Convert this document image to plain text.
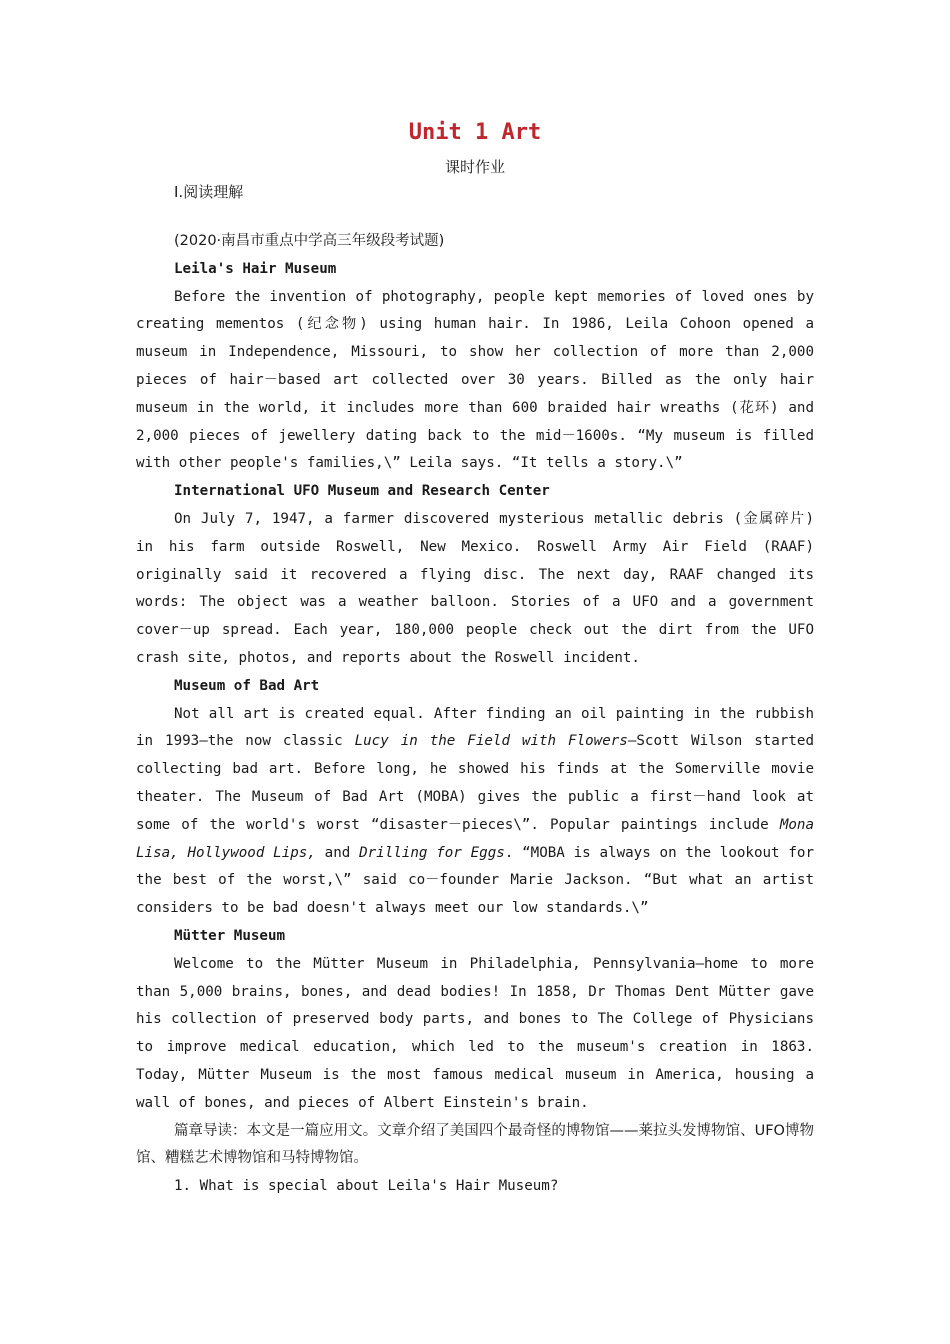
Unit 1 Art
课时作业
Ⅰ.阅读理解

(2020·南昌市重点中学高三年级段考试题)

Leila's Hair Museum

Before the invention of photography, people kept memories of loved ones by creating mementos (纪念物) using human hair. In 1986, Leila Cohoon opened a museum in Independence, Missouri, to show her collection of more than 2,000 pieces of hair－based art collected over 30 years. Billed as the only hair museum in the world, it includes more than 600 braided hair wreaths (花环) and 2,000 pieces of jewellery dating back to the mid－1600s. “My museum is filled with other people's families,\” Leila says. “It tells a story.\”

International UFO Museum and Research Center

On July 7, 1947, a farmer discovered mysterious metallic debris (金属碎片) in his farm outside Roswell, New Mexico. Roswell Army Air Field (RAAF) originally said it recovered a flying disc. The next day, RAAF changed its words: The object was a weather balloon. Stories of a UFO and a government cover－up spread. Each year, 180,000 people check out the dirt from the UFO crash site, photos, and reports about the Roswell incident.

Museum of Bad Art

Not all art is created equal. After finding an oil painting in the rubbish in 1993—the now classic Lucy in the Field with Flowers—Scott Wilson started collecting bad art. Before long, he showed his finds at the Somerville movie theater. The Museum of Bad Art (MOBA) gives the public a first－hand look at some of the world's worst “disaster－pieces\”. Popular paintings include Mona Lisa, Hollywood Lips, and Drilling for Eggs. “MOBA is always on the lookout for the best of the worst,\” said co－founder Marie Jackson. “But what an artist considers to be bad doesn't always meet our low standards.\”

Mütter Museum

Welcome to the Mütter Museum in Philadelphia, Pennsylvania—home to more than 5,000 brains, bones, and dead bodies! In 1858, Dr Thomas Dent Mütter gave his collection of preserved body parts, and bones to The College of Physicians to improve medical education, which led to the museum's creation in 1863. Today, Mütter Museum is the most famous medical museum in America, housing a wall of bones, and pieces of Albert Einstein's brain.

篇章导读：本文是一篇应用文。文章介绍了美国四个最奇怪的博物馆——莱拉头发博物馆、UFO博物馆、糟糕艺术博物馆和马特博物馆。

1. What is special about Leila's Hair Museum?
